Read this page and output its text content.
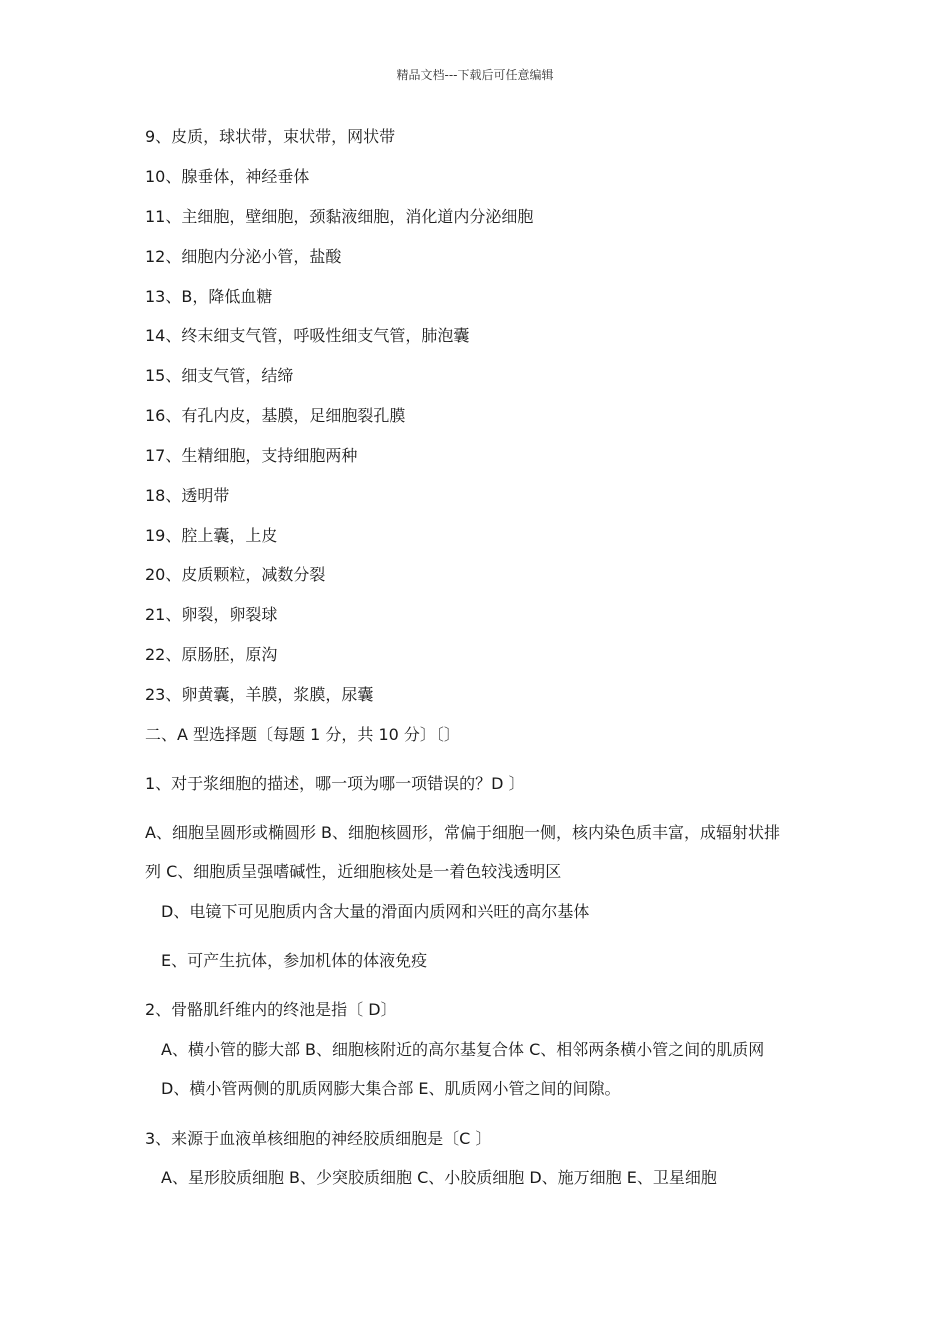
精品文档---下载后可任意编辑
9、皮质，球状带，束状带，网状带
10、腺垂体，神经垂体
11、主细胞，壁细胞，颈黏液细胞，消化道内分泌细胞
12、细胞内分泌小管，盐酸
13、B，降低血糖
14、终末细支气管，呼吸性细支气管，肺泡囊
15、细支气管，结缔
16、有孔内皮，基膜，足细胞裂孔膜
17、生精细胞，支持细胞两种
18、透明带
19、腔上囊，上皮
20、皮质颗粒，减数分裂
21、卵裂，卵裂球
22、原肠胚，原沟
23、卵黄囊，羊膜，浆膜，尿囊
二、A 型选择题〔每题 1 分，共 10 分〕〔〕
1、对于浆细胞的描述，哪一项为哪一项错误的？D 〕
A、细胞呈圆形或椭圆形 B、细胞核圆形，常偏于细胞一侧，核内染色质丰富，成辐射状排
列 C、细胞质呈强嗜碱性，近细胞核处是一着色较浅透明区
D、电镜下可见胞质内含大量的滑面内质网和兴旺的高尔基体
E、可产生抗体，参加机体的体液免疫
2、骨骼肌纤维内的终池是指〔 D〕
A、横小管的膨大部 B、细胞核附近的高尔基复合体 C、相邻两条横小管之间的肌质网
D、横小管两侧的肌质网膨大集合部 E、肌质网小管之间的间隙。
3、来源于血液单核细胞的神经胶质细胞是〔C 〕
A、星形胶质细胞 B、少突胶质细胞 C、小胶质细胞 D、施万细胞 E、卫星细胞
